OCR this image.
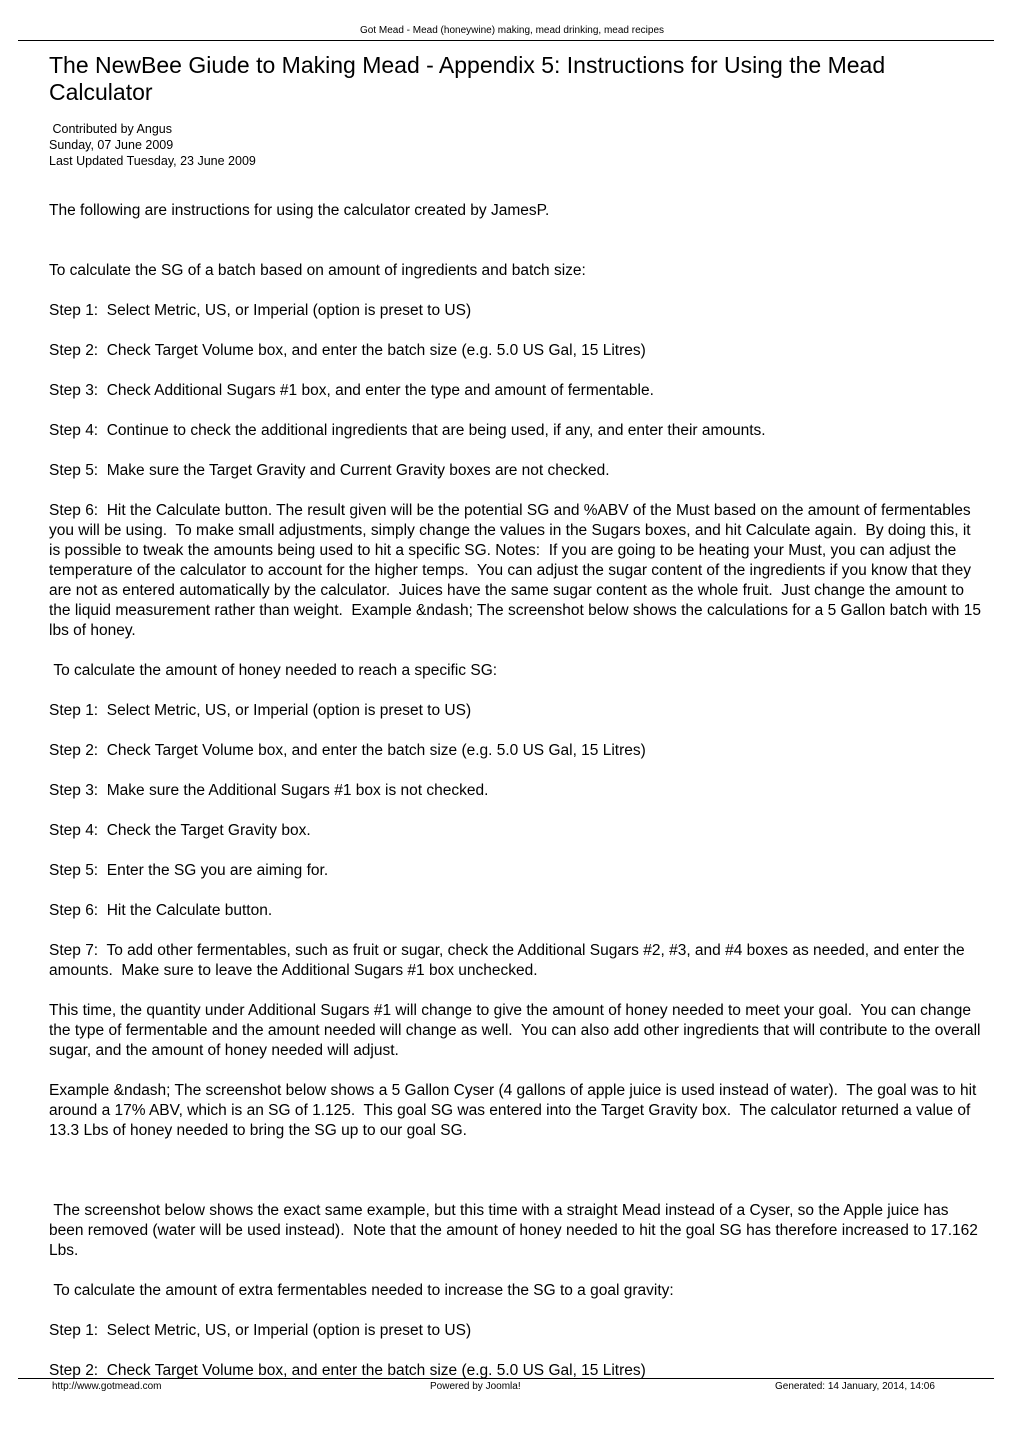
Got Mead - Mead (honeywine) making, mead drinking, mead recipes
The NewBee Giude to Making Mead - Appendix 5: Instructions for Using the Mead Calculator
Contributed by Angus
Sunday, 07 June 2009
Last Updated Tuesday, 23 June 2009

The following are instructions for using the calculator created by JamesP.

To calculate the SG of a batch based on amount of ingredients and batch size:

Step 1:  Select Metric, US, or Imperial (option is preset to US)

Step 2:  Check Target Volume box, and enter the batch size (e.g. 5.0 US Gal, 15 Litres)

Step 3:  Check Additional Sugars #1 box, and enter the type and amount of fermentable.

Step 4:  Continue to check the additional ingredients that are being used, if any, and enter their amounts.

Step 5:  Make sure the Target Gravity and Current Gravity boxes are not checked.

Step 6:  Hit the Calculate button. The result given will be the potential SG and %ABV of the Must based on the amount of fermentables you will be using.  To make small adjustments, simply change the values in the Sugars boxes, and hit Calculate again.  By doing this, it is possible to tweak the amounts being used to hit a specific SG. Notes:  If you are going to be heating your Must, you can adjust the temperature of the calculator to account for the higher temps.  You can adjust the sugar content of the ingredients if you know that they are not as entered automatically by the calculator.  Juices have the same sugar content as the whole fruit.  Just change the amount to the liquid measurement rather than weight.  Example &ndash; The screenshot below shows the calculations for a 5 Gallon batch with 15 lbs of honey.

To calculate the amount of honey needed to reach a specific SG:

Step 1:  Select Metric, US, or Imperial (option is preset to US)

Step 2:  Check Target Volume box, and enter the batch size (e.g. 5.0 US Gal, 15 Litres)

Step 3:  Make sure the Additional Sugars #1 box is not checked.

Step 4:  Check the Target Gravity box.

Step 5:  Enter the SG you are aiming for.

Step 6:  Hit the Calculate button.

Step 7:  To add other fermentables, such as fruit or sugar, check the Additional Sugars #2, #3, and #4 boxes as needed, and enter the amounts.  Make sure to leave the Additional Sugars #1 box unchecked.

This time, the quantity under Additional Sugars #1 will change to give the amount of honey needed to meet your goal.  You can change the type of fermentable and the amount needed will change as well.  You can also add other ingredients that will contribute to the overall sugar, and the amount of honey needed will adjust.

Example &ndash; The screenshot below shows a 5 Gallon Cyser (4 gallons of apple juice is used instead of water).  The goal was to hit around a 17% ABV, which is an SG of 1.125.  This goal SG was entered into the Target Gravity box.  The calculator returned a value of 13.3 Lbs of honey needed to bring the SG up to our goal SG.

The screenshot below shows the exact same example, but this time with a straight Mead instead of a Cyser, so the Apple juice has been removed (water will be used instead).  Note that the amount of honey needed to hit the goal SG has therefore increased to 17.162 Lbs.

To calculate the amount of extra fermentables needed to increase the SG to a goal gravity:

Step 1:  Select Metric, US, or Imperial (option is preset to US)

Step 2:  Check Target Volume box, and enter the batch size (e.g. 5.0 US Gal, 15 Litres)

http://www.gotmead.com	Powered by Joomla!	Generated: 14 January, 2014, 14:06
